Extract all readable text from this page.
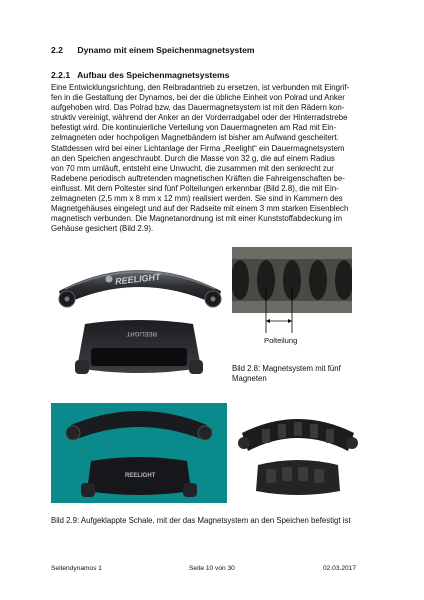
2.2 Dynamo mit einem Speichenmagnetsystem
2.2.1 Aufbau des Speichenmagnetsystems
Eine Entwicklungsrichtung, den Reibradantrieb zu ersetzen, ist verbunden mit Eingrif-
fen in die Gestaltung der Dynamos, bei der die übliche Einheit von Polrad und Anker
aufgehoben wird. Das Polrad bzw. das Dauermagnetsystem ist mit den Rädern kon-
struktiv vereinigt, während der Anker an der Vorderradgabel oder der Hinterradstrebe
befestigt wird. Die kontinuierliche Verteilung von Dauermagneten am Rad mit Ein-
zelmagneten oder hochpoligen Magnetbändern ist bisher am Aufwand gescheitert.
Stattdessen wird bei einer Lichtanlage der Firma „Reelight“ ein Dauermagnetsystem
an den Speichen angeschraubt. Durch die Masse von 32 g, die auf einem Radius
von 70 mm umläuft, entsteht eine Unwucht, die zusammen mit den senkrecht zur
Radebene periodisch auftretenden magnetischen Kräften die Fahreigenschaften be-
einflusst. Mit dem Poltester sind fünf Polteilungen erkennbar (Bild 2.8), die mit Ein-
zelmagneten (2,5 mm x 8 mm x 12 mm) realisiert werden. Sie sind in Kammern des
Magnetgehäuses eingelegt und auf der Radseite mit einem 3 mm starken Eisenblech
magnetisch verbunden. Die Magnetanordnung ist mit einer Kunststoffabdeckung im
Gehäuse gesichert (Bild 2.9).
REELIGHT
REELIGHT
Polteilung
Bild 2.8: Magnetsystem mit fünf Magneten
REELIGHT
Bild 2.9: Aufgeklappte Schale, mit der das Magnetsystem an den Speichen befestigt ist
Seitendynamos 1	Seite 10 von 30	02.03.2017
